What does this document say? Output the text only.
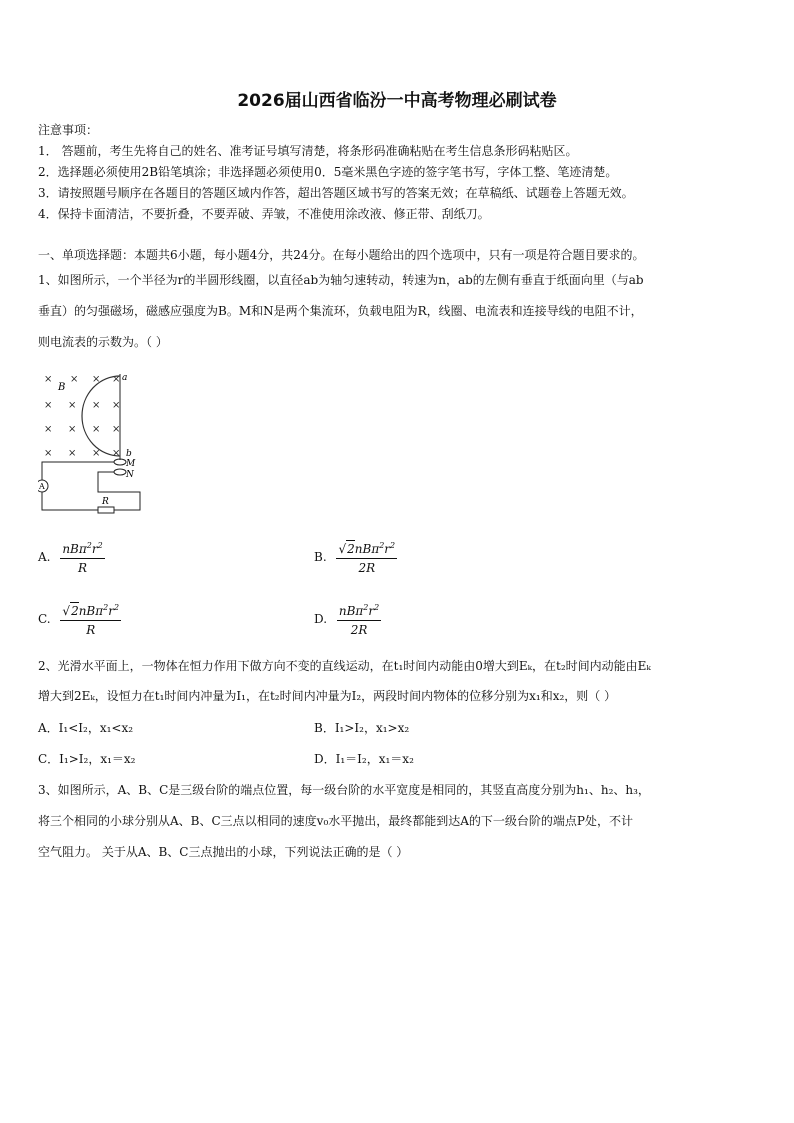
2026届山西省临汾一中高考物理必刷试卷
注意事项：
1． 答题前，考生先将自己的姓名、准考证号填写清楚，将条形码准确粘贴在考生信息条形码粘贴区。
2．选择题必须使用2B铅笔填涂；非选择题必须使用0．5毫米黑色字迹的签字笔书写，字体工整、笔迹清楚。
3．请按照题号顺序在各题目的答题区域内作答，超出答题区域书写的答案无效；在草稿纸、试题卷上答题无效。
4．保持卡面清洁，不要折叠，不要弄破、弄皱，不准使用涂改液、修正带、刮纸刀。
一、单项选择题：本题共6小题，每小题4分，共24分。在每小题给出的四个选项中，只有一项是符合题目要求的。
1、如图所示，一个半径为r的半圆形线圈，以直径ab为轴匀速转动，转速为n，ab的左侧有垂直于纸面向里（与ab
垂直）的匀强磁场，磁感应强度为B。M和N是两个集流环，负载电阻为R，线圈、电流表和连接导线的电阻不计，
则电流表的示数为。（ ）
× × × ×
× × × ×
× × × ×
× × × ×
B
a
b
M
N
A
R
A. $\frac{nB\pi^2r^2}{R}$	B. $\frac{√2nB\pi^2r^2}{2R}$
C. $\frac{√2nB\pi^2r^2}{R}$	D. $\frac{nB\pi^2r^2}{2R}$
2、光滑水平面上，一物体在恒力作用下做方向不变的直线运动，在t₁时间内动能由0增大到Eₖ，在t₂时间内动能由Eₖ
增大到2Eₖ，设恒力在t₁时间内冲量为I₁，在t₂时间内冲量为I₂，两段时间内物体的位移分别为x₁和x₂，则（ ）
A．I₁<I₂，x₁<x₂	B．I₁>I₂，x₁>x₂
C．I₁>I₂，x₁＝x₂	D．I₁＝I₂，x₁＝x₂
3、如图所示，A、B、C是三级台阶的端点位置，每一级台阶的水平宽度是相同的，其竖直高度分别为h₁、h₂、h₃，
将三个相同的小球分别从A、B、C三点以相同的速度v₀水平抛出，最终都能到达A的下一级台阶的端点P处，不计
空气阻力。 关于从A、B、C三点抛出的小球，下列说法正确的是（ ）
